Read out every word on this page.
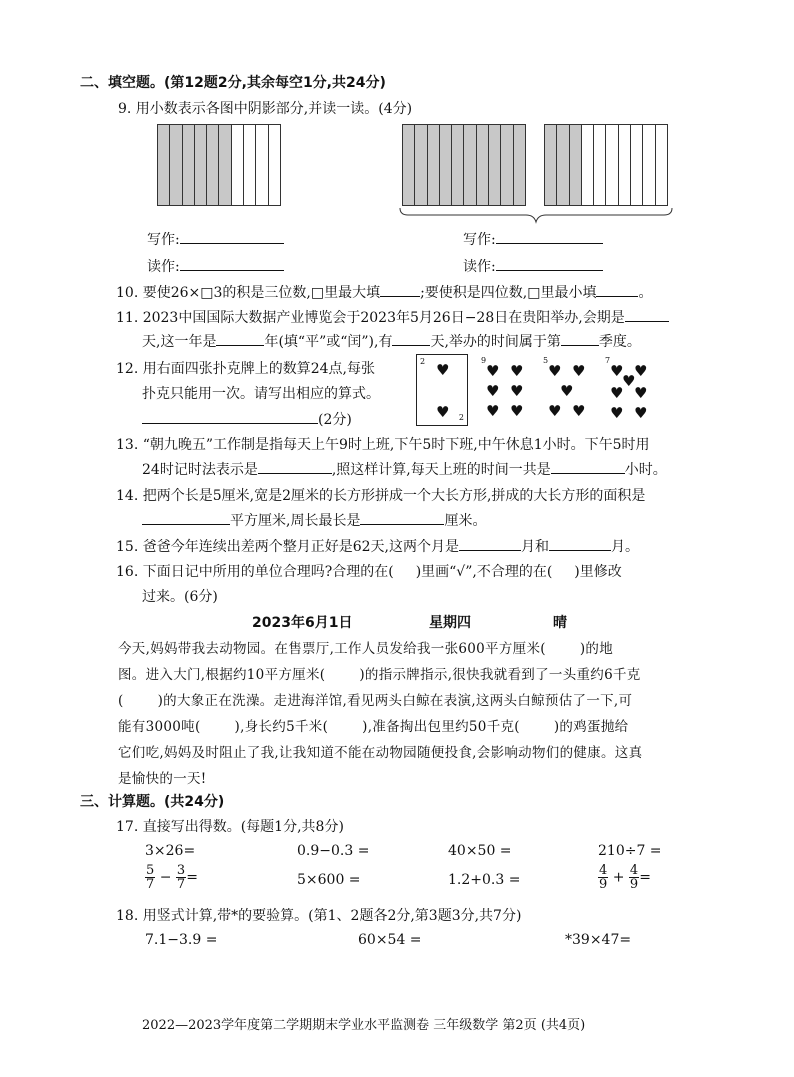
二、填空题。(第12题2分,其余每空1分,共24分)
9. 用小数表示各图中阴影部分,并读一读。(4分)
写作:
读作:
写作:
读作:
10. 要使26×□3的积是三位数,□里最大填	;要使积是四位数,□里最小填	。
11. 2023中国国际大数据产业博览会于2023年5月26日−28日在贵阳举办,会期是
天,这一年是	年(填“平”或“闰”),有	天,举办的时间属于第	季度。
12. 用右面四张扑克牌上的数算24点,每张
扑克只能用一次。请写出相应的算式。
(2分)
2
2
♥
♥
9
♥ ♥
♥ ♥
♥ ♥
5
♥ ♥
♥
♥ ♥
7
♥ ♥
♥
♥ ♥
♥ ♥
13. “朝九晚五”工作制是指每天上午9时上班,下午5时下班,中午休息1小时。下午5时用
24时记时法表示是	,照这样计算,每天上班的时间一共是	小时。
14. 把两个长是5厘米,宽是2厘米的长方形拼成一个大长方形,拼成的大长方形的面积是
平方厘米,周长最长是	厘米。
15. 爸爸今年连续出差两个整月正好是62天,这两个月是	月和	月。
16. 下面日记中所用的单位合理吗?合理的在( )里画“√”,不合理的在( )里修改
过来。(6分)
2023年6月1日	星期四	晴
今天,妈妈带我去动物园。在售票厅,工作人员发给我一张600平方厘米(	)的地
图。进入大门,根据约10平方厘米(	)的指示牌指示,很快我就看到了一头重约6千克
(	)的大象正在洗澡。走进海洋馆,看见两头白鲸在表演,这两头白鲸预估了一下,可
能有3000吨(	),身长约5千米(	),准备掏出包里约50千克(	)的鸡蛋抛给
它们吃,妈妈及时阻止了我,让我知道不能在动物园随便投食,会影响动物们的健康。这真
是愉快的一天!
三、计算题。(共24分)
17. 直接写出得数。(每题1分,共8分)
3×26=	0.9−0.3 =	40×50 =	210÷7 =
$\frac{5}{7} - \frac{3}{7}$ =	5×600 =	1.2+0.3 =	$\frac{4}{9} + \frac{4}{9}$ =
18. 用竖式计算,带*的要验算。(第1、2题各2分,第3题3分,共7分)
7.1−3.9 =	60×54 =	*39×47=
2022—2023学年度第二学期期末学业水平监测卷 三年级数学 第2页 (共4页)
